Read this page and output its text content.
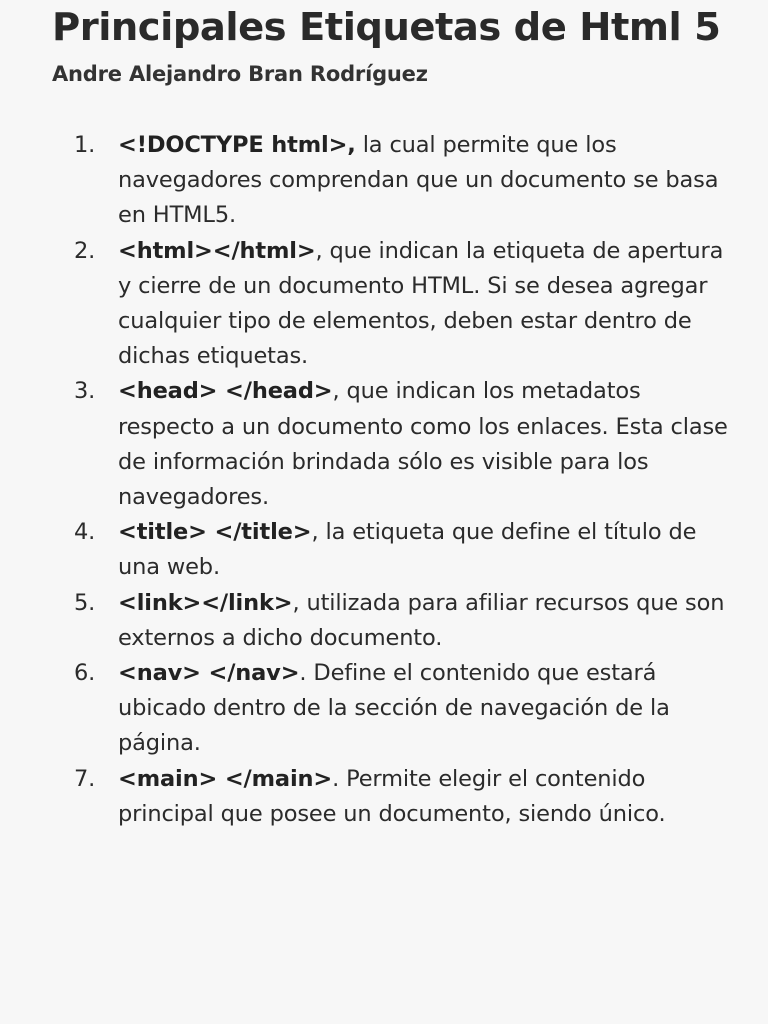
Principales Etiquetas de Html 5
Andre Alejandro Bran Rodríguez
1.	<!DOCTYPE html>, la cual permite que los navegadores comprendan que un documento se basa en HTML5.
2.	<html></html>, que indican la etiqueta de apertura y cierre de un documento HTML. Si se desea agregar cualquier tipo de elementos, deben estar dentro de dichas etiquetas.
3.	<head> </head>, que indican los metadatos respecto a un documento como los enlaces. Esta clase de información brindada sólo es visible para los navegadores.
4.	<title> </title>, la etiqueta que define el título de una web.
5.	<link></link>, utilizada para afiliar recursos que son externos a dicho documento.
6.	<nav> </nav>. Define el contenido que estará ubicado dentro de la sección de navegación de la página.
7.	<main> </main>. Permite elegir el contenido principal que posee un documento, siendo único.
